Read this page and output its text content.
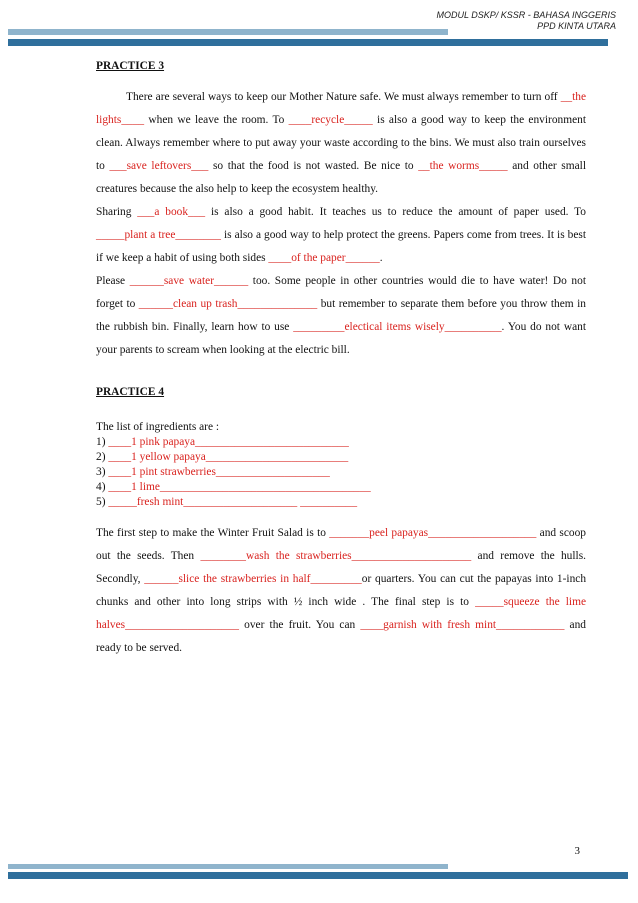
MODUL DSKP/ KSSR - BAHASA INGGERIS
PPD KINTA UTARA

PRACTICE 3

There are several ways to keep our Mother Nature safe. We must always remember to turn off __the lights____ when we leave the room. To ____recycle_____ is also a good way to keep the environment clean. Always remember where to put away your waste according to the bins. We must also train ourselves to ___save leftovers___ so that the food is not wasted. Be nice to __the worms_____ and other small creatures because the also help to keep the ecosystem healthy.

Sharing ___a book___ is also a good habit. It teaches us to reduce the amount of paper used. To _____plant a tree________ is also a good way to help protect the greens. Papers come from trees. It is best if we keep a habit of using both sides ____of the paper______.

Please ______save water______ too. Some people in other countries would die to have water! Do not forget to ______clean up trash______________ but remember to separate them before you throw them in the rubbish bin. Finally, learn how to use _________electical items wisely__________. You do not want your parents to scream when looking at the electric bill.

PRACTICE 4

The list of ingredients are :
1) ____1 pink papaya___________________________
2) ____1 yellow papaya_________________________
3) ____1 pint strawberries____________________
4) ____1 lime_____________________________________
5) _____fresh mint____________________ __________

The first step to make the Winter Fruit Salad is to _______peel papayas___________________ and scoop out the seeds. Then ________wash the strawberries_____________________ and remove the hulls. Secondly, ______slice the strawberries in half_________or quarters. You can cut the papayas into 1-inch chunks and other into long strips with ½ inch wide . The final step is to _____squeeze the lime halves____________________ over the fruit. You can ____garnish with fresh mint____________ and ready to be served.

3
